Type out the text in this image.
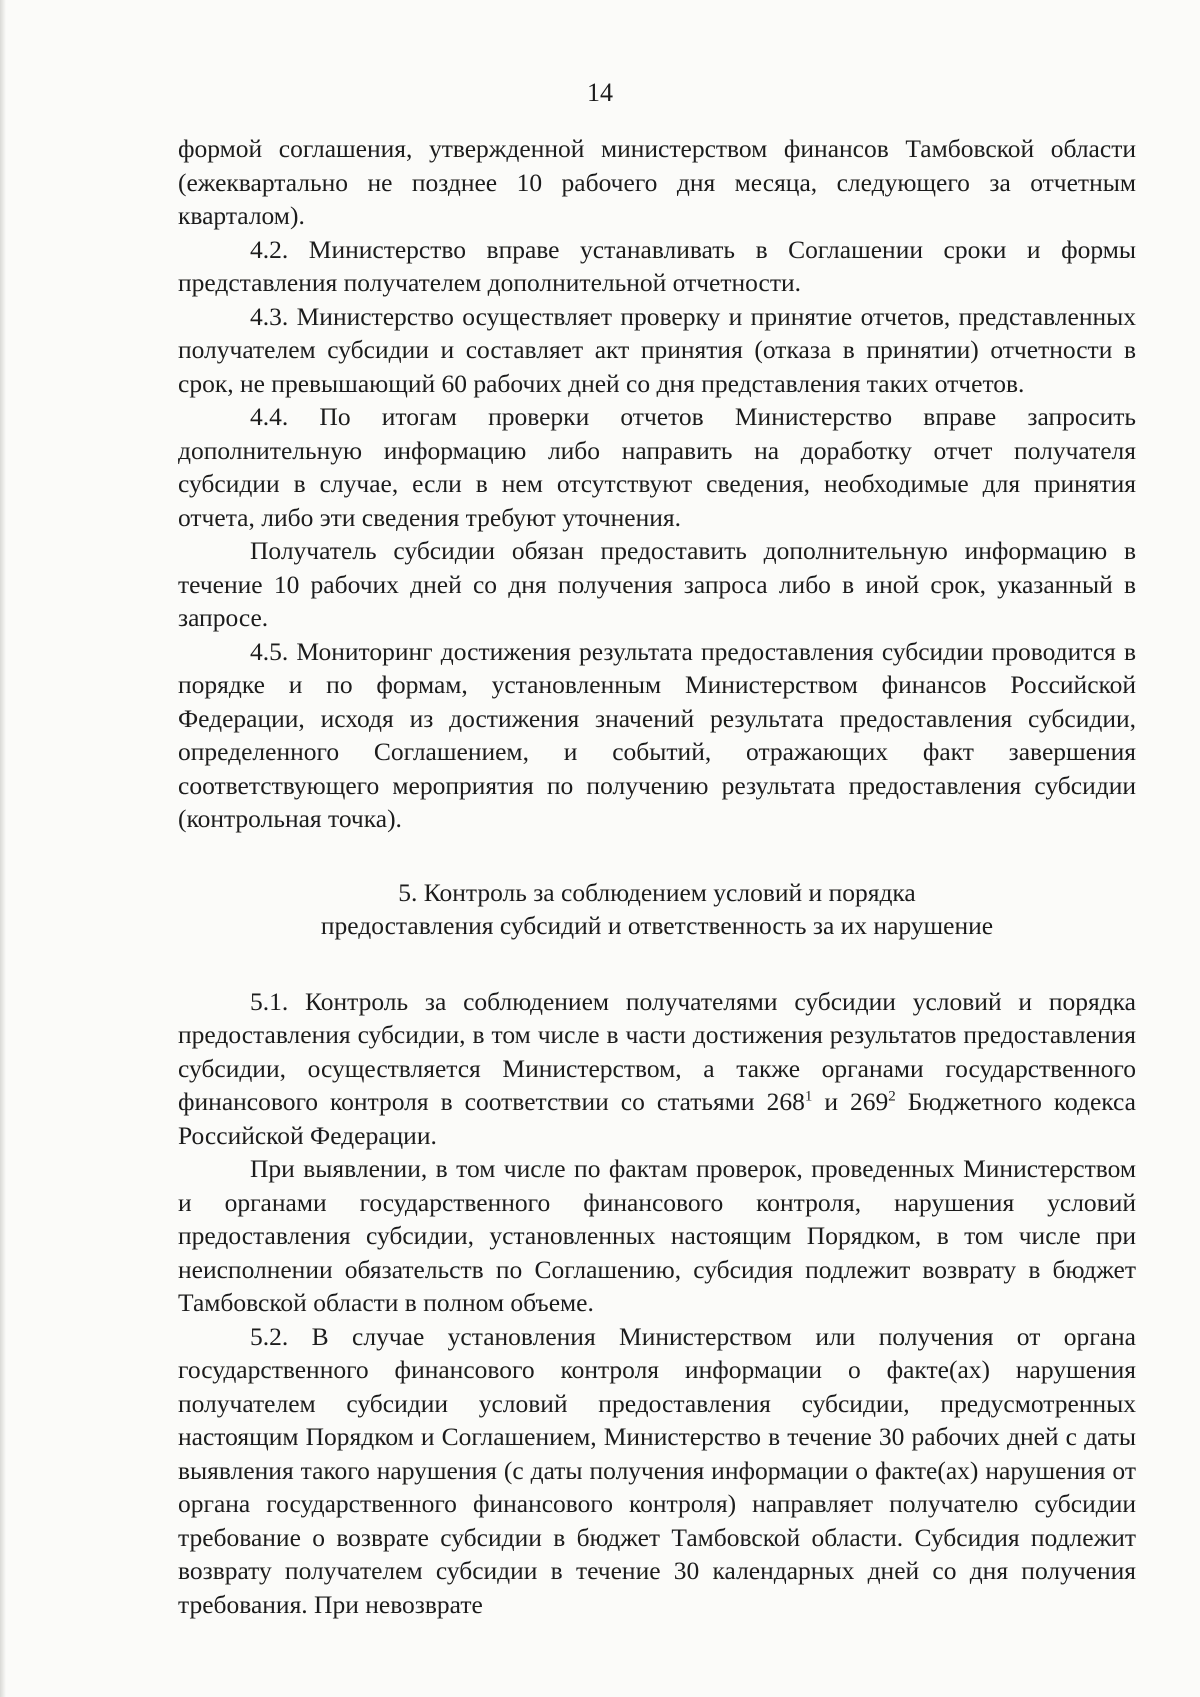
14

формой соглашения, утвержденной министерством финансов Тамбовской области (ежеквартально не позднее 10 рабочего дня месяца, следующего за отчетным кварталом).

4.2. Министерство вправе устанавливать в Соглашении сроки и формы представления получателем дополнительной отчетности.

4.3. Министерство осуществляет проверку и принятие отчетов, представленных получателем субсидии и составляет акт принятия (отказа в принятии) отчетности в срок, не превышающий 60 рабочих дней со дня представления таких отчетов.

4.4. По итогам проверки отчетов Министерство вправе запросить дополнительную информацию либо направить на доработку отчет получателя субсидии в случае, если в нем отсутствуют сведения, необходимые для принятия отчета, либо эти сведения требуют уточнения.

Получатель субсидии обязан предоставить дополнительную информацию в течение 10 рабочих дней со дня получения запроса либо в иной срок, указанный в запросе.

4.5. Мониторинг достижения результата предоставления субсидии проводится в порядке и по формам, установленным Министерством финансов Российской Федерации, исходя из достижения значений результата предоставления субсидии, определенного Соглашением, и событий, отражающих факт завершения соответствующего мероприятия по получению результата предоставления субсидии (контрольная точка).

5. Контроль за соблюдением условий и порядка
предоставления субсидий и ответственность за их нарушение

5.1. Контроль за соблюдением получателями субсидии условий и порядка предоставления субсидии, в том числе в части достижения результатов предоставления субсидии, осуществляется Министерством, а также органами государственного финансового контроля в соответствии со статьями $268^1$ и $269^2$ Бюджетного кодекса Российской Федерации.

При выявлении, в том числе по фактам проверок, проведенных Министерством и органами государственного финансового контроля, нарушения условий предоставления субсидии, установленных настоящим Порядком, в том числе при неисполнении обязательств по Соглашению, субсидия подлежит возврату в бюджет Тамбовской области в полном объеме.

5.2. В случае установления Министерством или получения от органа государственного финансового контроля информации о факте(ах) нарушения получателем субсидии условий предоставления субсидии, предусмотренных настоящим Порядком и Соглашением, Министерство в течение 30 рабочих дней с даты выявления такого нарушения (с даты получения информации о факте(ах) нарушения от органа государственного финансового контроля) направляет получателю субсидии требование о возврате субсидии в бюджет Тамбовской области. Субсидия подлежит возврату получателем субсидии в течение 30 календарных дней со дня получения требования. При невозврате
